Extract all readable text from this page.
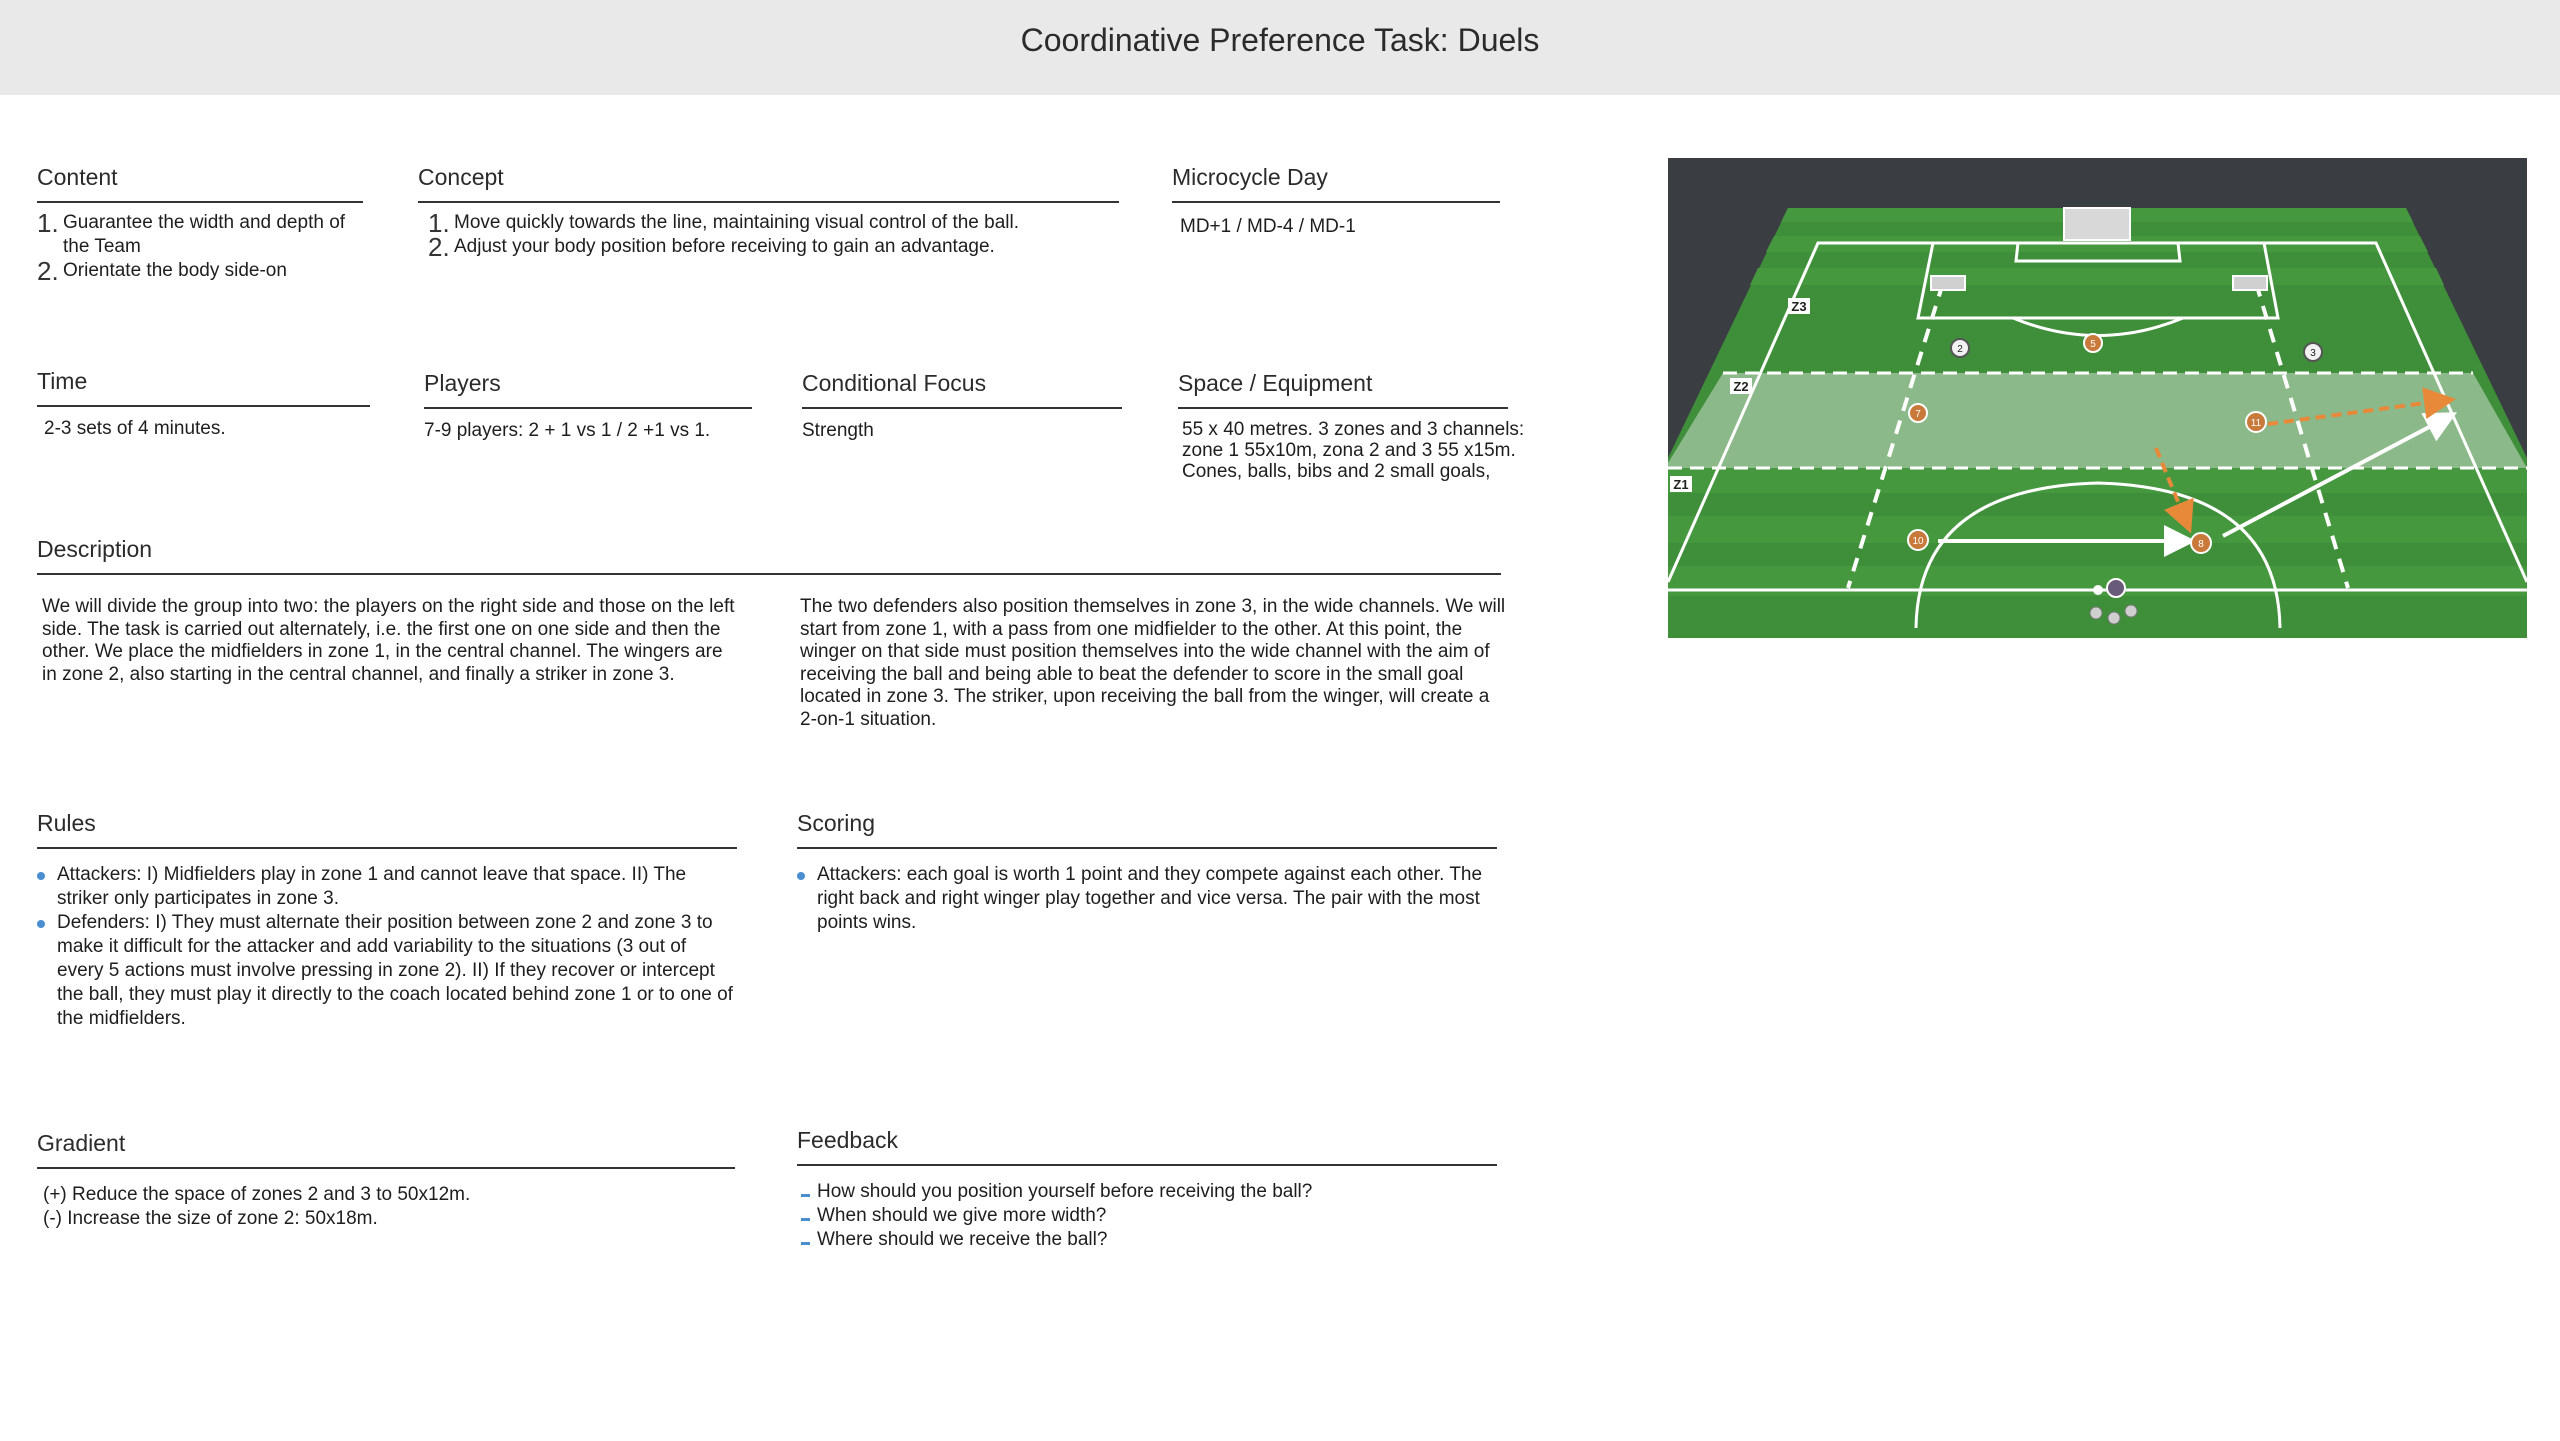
Coordinative Preference Task: Duels
Content
1. Guarantee the width and depth of the Team
2. Orientate the body side-on
Concept
1. Move quickly towards the line, maintaining visual control of the ball.
2. Adjust your body position before receiving to gain an advantage.
Microcycle Day
MD+1 / MD-4 / MD-1
Time
2-3 sets of 4 minutes.
Players
7-9 players: 2 + 1 vs 1 / 2 +1 vs 1.
Conditional Focus
Strength
Space / Equipment
55 x 40 metres. 3 zones and 3 channels: zone 1 55x10m, zona 2 and 3 55 x15m.
Cones, balls, bibs and 2 small goals,
Description
We will divide the group into two: the players on the right side and those on the left side. The task is carried out alternately, i.e. the first one on one side and then the other. We place the midfielders in zone 1, in the central channel. The wingers are in zone 2, also starting in the central channel, and finally a striker in zone 3.
The two defenders also position themselves in zone 3, in the wide channels. We will start from zone 1, with a pass from one midfielder to the other. At this point, the winger on that side must position themselves into the wide channel with the aim of receiving the ball and being able to beat the defender to score in the small goal located in zone 3. The striker, upon receiving the ball from the winger, will create a 2-on-1 situation.
Rules
Attackers: I) Midfielders play in zone 1 and cannot leave that space. II) The striker only participates in zone 3.
Defenders: I) They must alternate their position between zone 2 and zone 3 to make it difficult for the attacker and add variability to the situations (3 out of every 5 actions must involve pressing in zone 2). II) If they recover or intercept the ball, they must play it directly to the coach located behind zone 1 or to one of the midfielders.
Scoring
Attackers: each goal is worth 1 point and they compete against each other. The right back and right winger play together and vice versa. The pair with the most points wins.
Gradient
(+) Reduce the space of zones 2 and 3 to 50x12m.
(-) Increase the size of zone 2: 50x18m.
Feedback
How should you position yourself before receiving the ball?
When should we give more width?
Where should we receive the ball?
Z3
Z2
Z1
2	3
5
7
11
10	8
